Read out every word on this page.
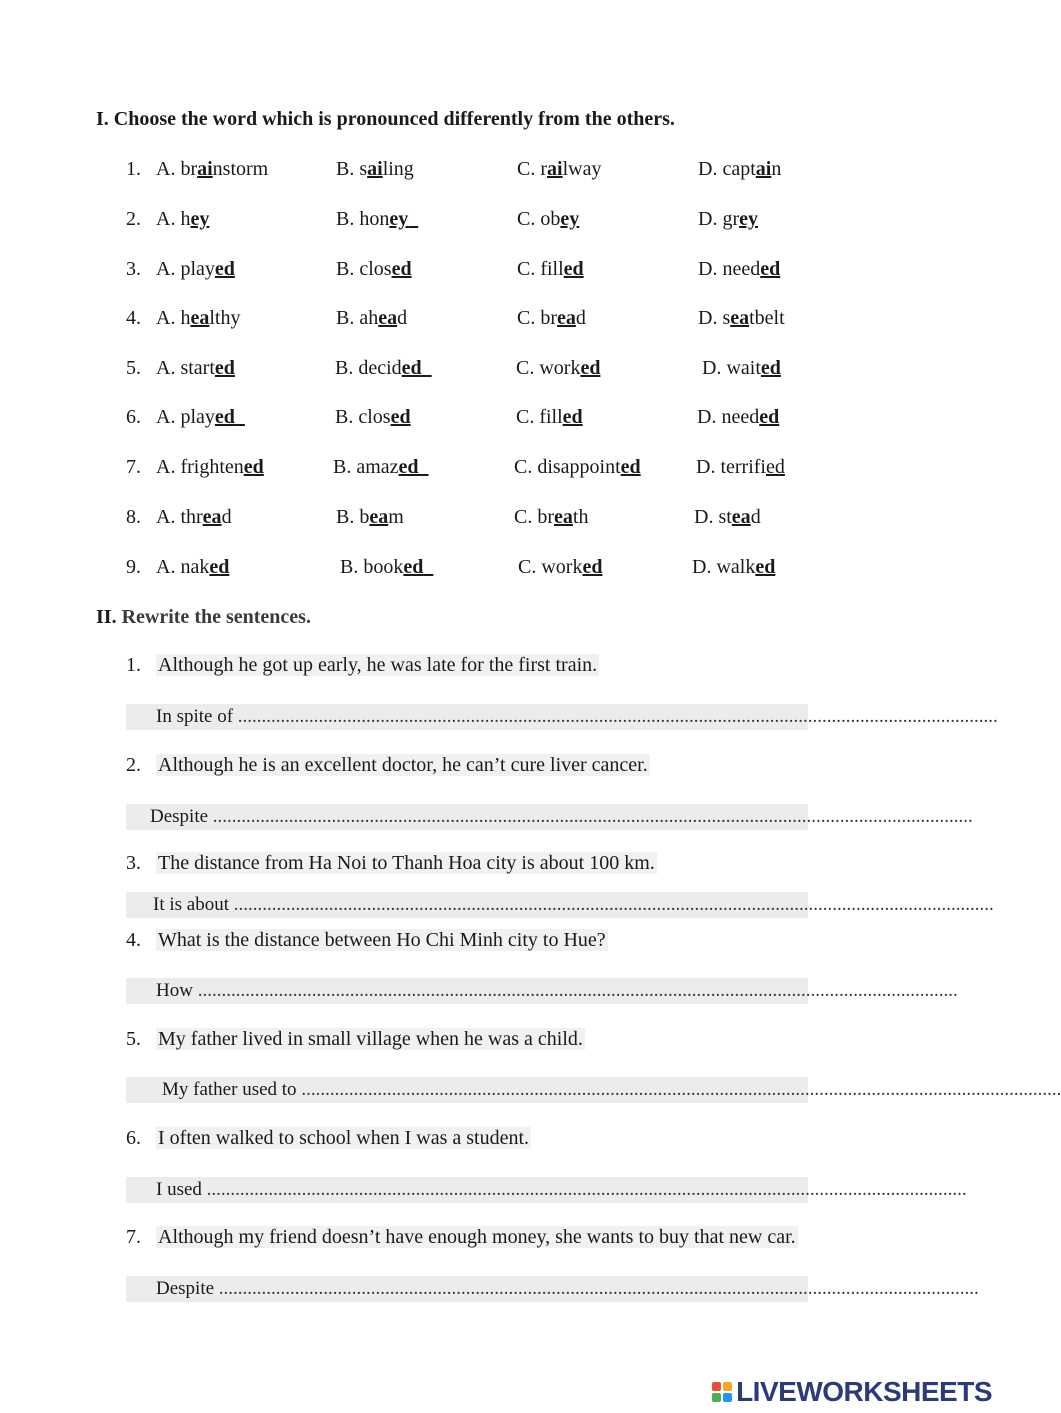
I. Choose the word which is pronounced differently from the others.
1. A. brainstorm	B. sailing	C. railway	D. captain
2. A. hey	B. honey	C. obey	D. grey
3. A. played	B. closed	C. filled	D. needed
4. A. healthy	B. ahead	C. bread	D. seatbelt
5. A. started	B. decided	C. worked	D. waited
6. A. played	B. closed	C. filled	D. needed
7. A. frightened	B. amazed	C. disappointed	D. terrified
8. A. thread	B. beam	C. breath	D. stead
9. A. naked	B. booked	C. worked	D. walked
II. Rewrite the sentences.
1. Although he got up early, he was late for the first train.
In spite of ................................................................................................................................................................
2. Although he is an excellent doctor, he can’t cure liver cancer.
Despite ................................................................................................................................................................
3. The distance from Ha Noi to Thanh Hoa city is about 100 km.
It is about ................................................................................................................................................................
4. What is the distance between Ho Chi Minh city to Hue?
How ................................................................................................................................................................
5. My father lived in small village when he was a child.
My father used to ................................................................................................................................................................
6. I often walked to school when I was a student.
I used ................................................................................................................................................................
7. Although my friend doesn’t have enough money, she wants to buy that new car.
Despite ................................................................................................................................................................
LIVEWORKSHEETS
